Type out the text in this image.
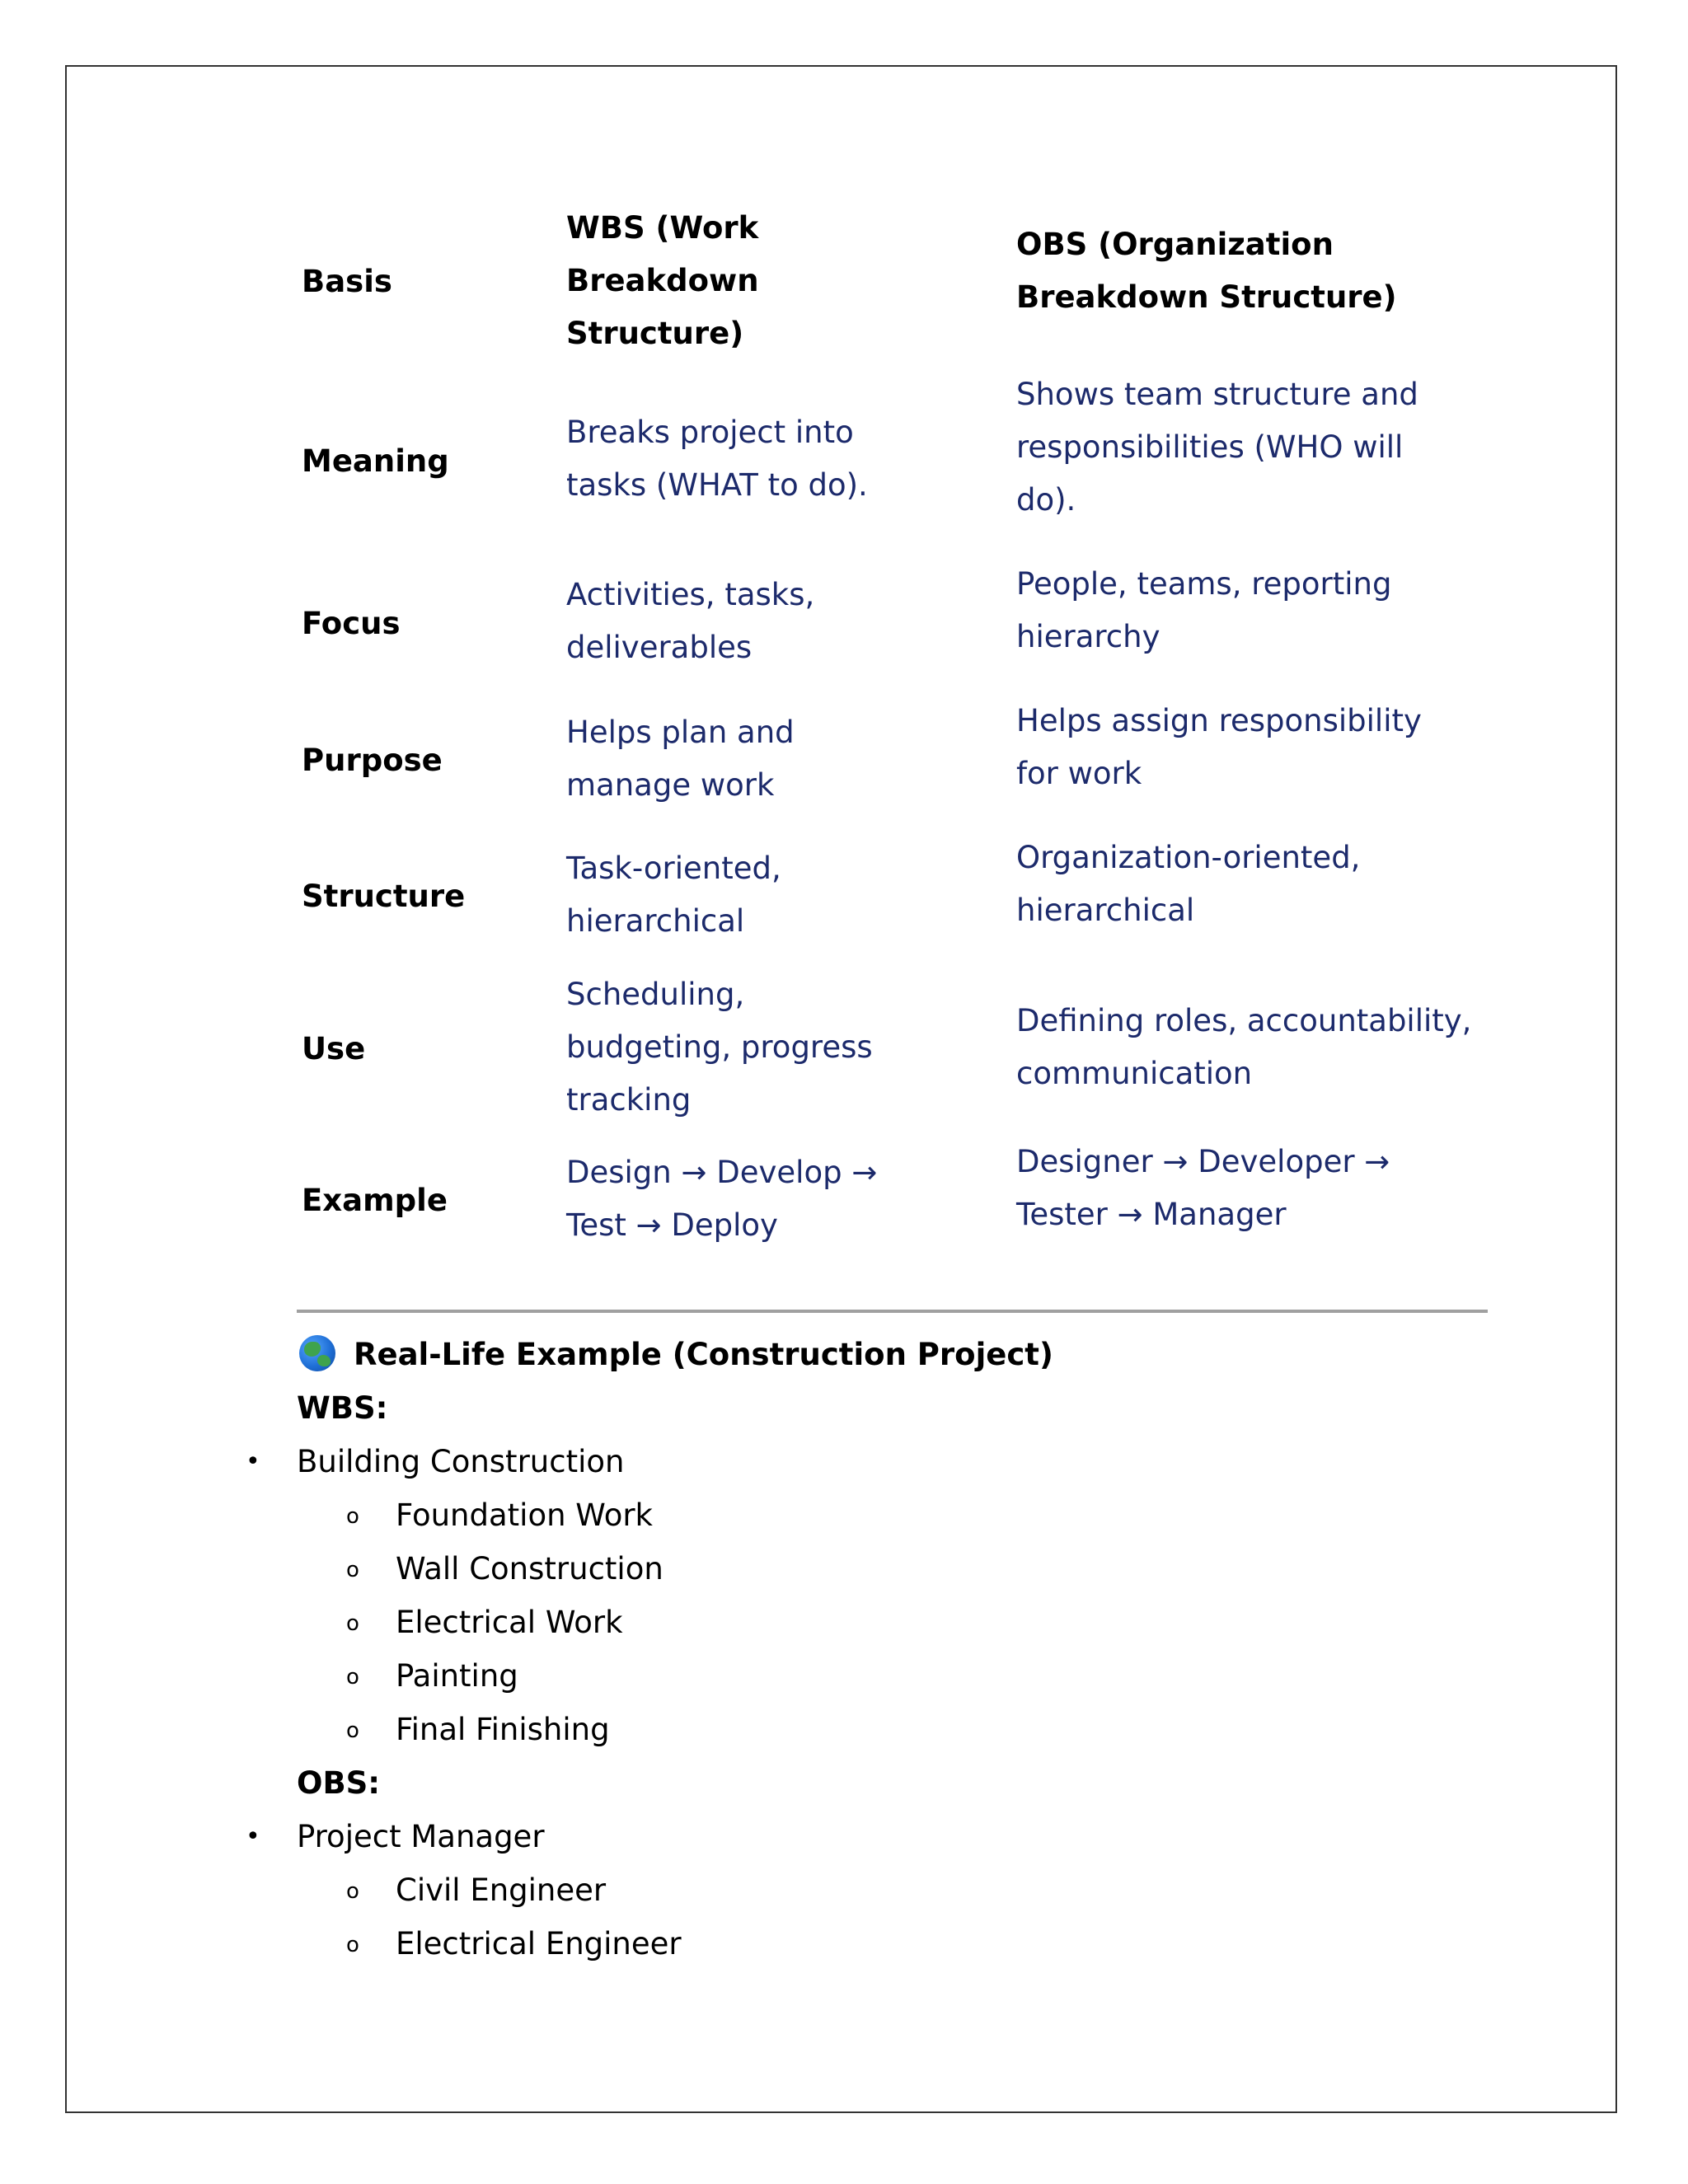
Basis
WBS (Work
Breakdown
Structure)
OBS (Organization
Breakdown Structure)
Meaning
Breaks project into
tasks (WHAT to do).
Shows team structure and
responsibilities (WHO will
do).
Focus
Activities, tasks,
deliverables
People, teams, reporting
hierarchy
Purpose
Helps plan and
manage work
Helps assign responsibility
for work
Structure
Task-oriented,
hierarchical
Organization-oriented,
hierarchical
Use
Scheduling,
budgeting, progress
tracking
Defining roles, accountability,
communication
Example
Design → Develop →
Test → Deploy
Designer → Developer →
Tester → Manager
Real-Life Example (Construction Project)
WBS:
• Building Construction
o Foundation Work
o Wall Construction
o Electrical Work
o Painting
o Final Finishing
OBS:
• Project Manager
o Civil Engineer
o Electrical Engineer
